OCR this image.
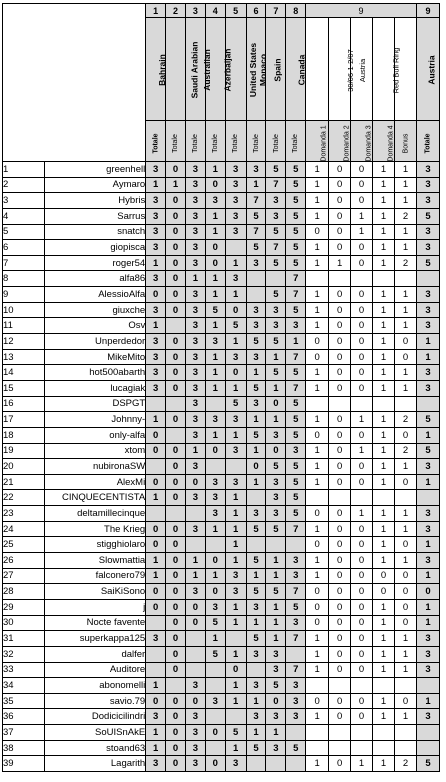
		1	2	3	4	5	6	7	8	9					9
		Bahrain	Saudi Arabian	Australian	Azerbaijan	United States	Monaco	Spain	Canada		30/06-1-2/07	Austria	Red Bull Ring		Austria
		Totale	Totale	Totale	Totale	Totale	Totale	Totale	Totale	Domanda 1	Domanda 2	Domanda 3	Domanda 4	Bonus	Totale
1	greenhell	3	0	3	1	3	3	5	5	1	0	0	1	1	3
2	Aymaro	1	1	3	0	3	1	7	5	1	0	0	1	1	3
3	Hybris	3	0	3	3	3	7	3	5	1	0	0	1	1	3
4	Sarrus	3	0	3	1	3	5	3	5	1	0	1	1	2	5
5	snatch	3	0	3	1	3	7	5	5	0	0	1	1	1	3
6	giopisca	3	0	3	0		5	7	5	1	0	0	1	1	3
7	roger54	1	0	3	0	1	3	5	5	1	1	0	1	2	5
8	alfa86	3	0	1	1	3			7						
9	AlessioAlfa	0	0	3	1	1		5	7	1	0	0	1	1	3
10	giuxche	3	0	3	5	0	3	3	5	1	0	0	1	1	3
11	Osv	1		3	1	5	3	3	3	1	0	0	1	1	3
12	Unperdedor	3	0	3	3	1	5	5	1	0	0	0	1	0	1
13	MikeMito	3	0	3	1	3	3	1	7	0	0	0	1	0	1
14	hot500abarth	3	0	3	1	0	1	5	5	1	0	0	1	1	3
15	lucagiak	3	0	3	1	1	5	1	7	1	0	0	1	1	3
16	DSPGT			3		5	3	0	5						
17	Johnny-	1	0	3	3	3	1	1	5	1	0	1	1	2	5
18	only-alfa	0		3	1	1	5	3	5	0	0	0	1	0	1
19	xtom	0	0	1	0	3	1	0	3	1	0	1	1	2	5
20	nubironaSW		0	3			0	5	5	1	0	0	1	1	3
21	AlexMi	0	0	0	3	3	1	3	5	1	0	0	1	0	1
22	CINQUECENTISTA	1	0	3	3	1		3	5						
23	deltamillecinque				3	1	3	3	5	0	0	1	1	1	3
24	The Krieg	0	0	3	1	1	5	5	7	1	0	0	1	1	3
25	stigghiolaro	0	0			1				0	0	0	1	0	1
26	Slowmattia	1	0	1	0	1	5	1	3	1	0	0	1	1	3
27	falconero79	1	0	1	1	3	1	1	3	1	0	0	0	0	1
28	SaiKiSono	0	0	3	0	3	5	5	7	0	0	0	0	0	0
29	j	0	0	0	3	1	3	1	5	0	0	0	1	0	1
30	Nocte favente		0	0	5	1	1	1	3	0	0	0	1	0	1
31	superkappa125	3	0		1		5	1	7	1	0	0	1	1	3
32	dalfer		0		5	1	3	3		1	0	0	1	1	3
33	Auditore		0			0		3	7	1	0	0	1	1	3
34	abonomelli	1		3		1	3	5	3						
35	savio.79	0	0	0	3	1	1	0	3	0	0	0	1	0	1
36	Dodicicilindri	3	0	3			3	3	3	1	0	0	1	1	3
37	SoUISnAkE	1	0	3	0	5	1	1							
38	stoand63	1	0	3		1	5	3	5						
39	Lagarith	3	0	3	0	3				1	0	1	1	2	5
